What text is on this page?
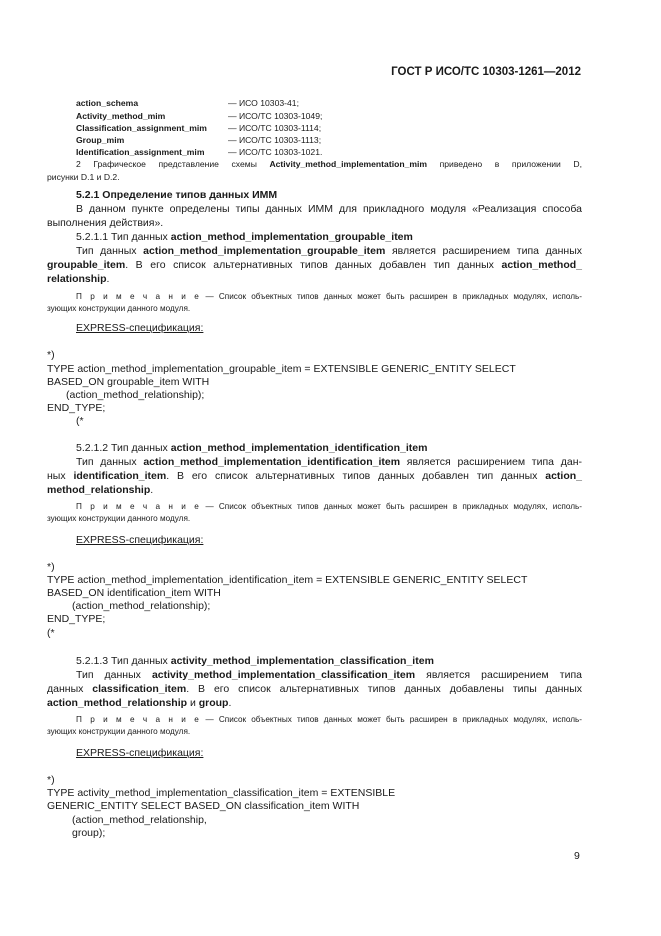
ГОСТ Р ИСО/ТС 10303-1261—2012
action_schema	— ИСО 10303-41;
Activity_method_mim	— ИСО/ТС 10303-1049;
Classification_assignment_mim — ИСО/ТС 10303-1114;
Group_mim	— ИСО/ТС 10303-1113;
Identification_assignment_mim	— ИСО/ТС 10303-1021.
2 Графическое представление схемы Activity_method_implementation_mim приведено в приложении D,
рисунки D.1 и D.2.
5.2.1 Определение типов данных ИММ
В данном пункте определены типы данных ИММ для прикладного модуля «Реализация способа
выполнения действия».
5.2.1.1 Тип данных action_method_implementation_groupable_item
Тип данных action_method_implementation_groupable_item является расширением типа данных
groupable_item. В его список альтернативных типов данных добавлен тип данных action_method_
relationship.
П р и м е ч а н и е — Список объектных типов данных может быть расширен в прикладных модулях, исполь-
зующих конструкции данного модуля.
EXPRESS-спецификация:
*)
TYPE action_method_implementation_groupable_item = EXTENSIBLE GENERIC_ENTITY SELECT
BASED_ON groupable_item WITH
(action_method_relationship);
END_TYPE;
(*
5.2.1.2 Тип данных action_method_implementation_identification_item
Тип данных action_method_implementation_identification_item является расширением типа дан-
ных identification_item. В его список альтернативных типов данных добавлен тип данных action_
method_relationship.
П р и м е ч а н и е — Список объектных типов данных может быть расширен в прикладных модулях, исполь-
зующих конструкции данного модуля.
EXPRESS-спецификация:
*)
TYPE action_method_implementation_identification_item = EXTENSIBLE GENERIC_ENTITY SELECT
BASED_ON identification_item WITH
(action_method_relationship);
END_TYPE;
(*
5.2.1.3 Тип данных activity_method_implementation_classification_item
Тип данных activity_method_implementation_classification_item является расширением типа
данных classification_item. В его список альтернативных типов данных добавлены типы данных
action_method_relationship и group.
П р и м е ч а н и е — Список объектных типов данных может быть расширен в прикладных модулях, исполь-
зующих конструкции данного модуля.
EXPRESS-спецификация:
*)
TYPE activity_method_implementation_classification_item = EXTENSIBLE
GENERIC_ENTITY SELECT BASED_ON classification_item WITH
(action_method_relationship,
group);
9
